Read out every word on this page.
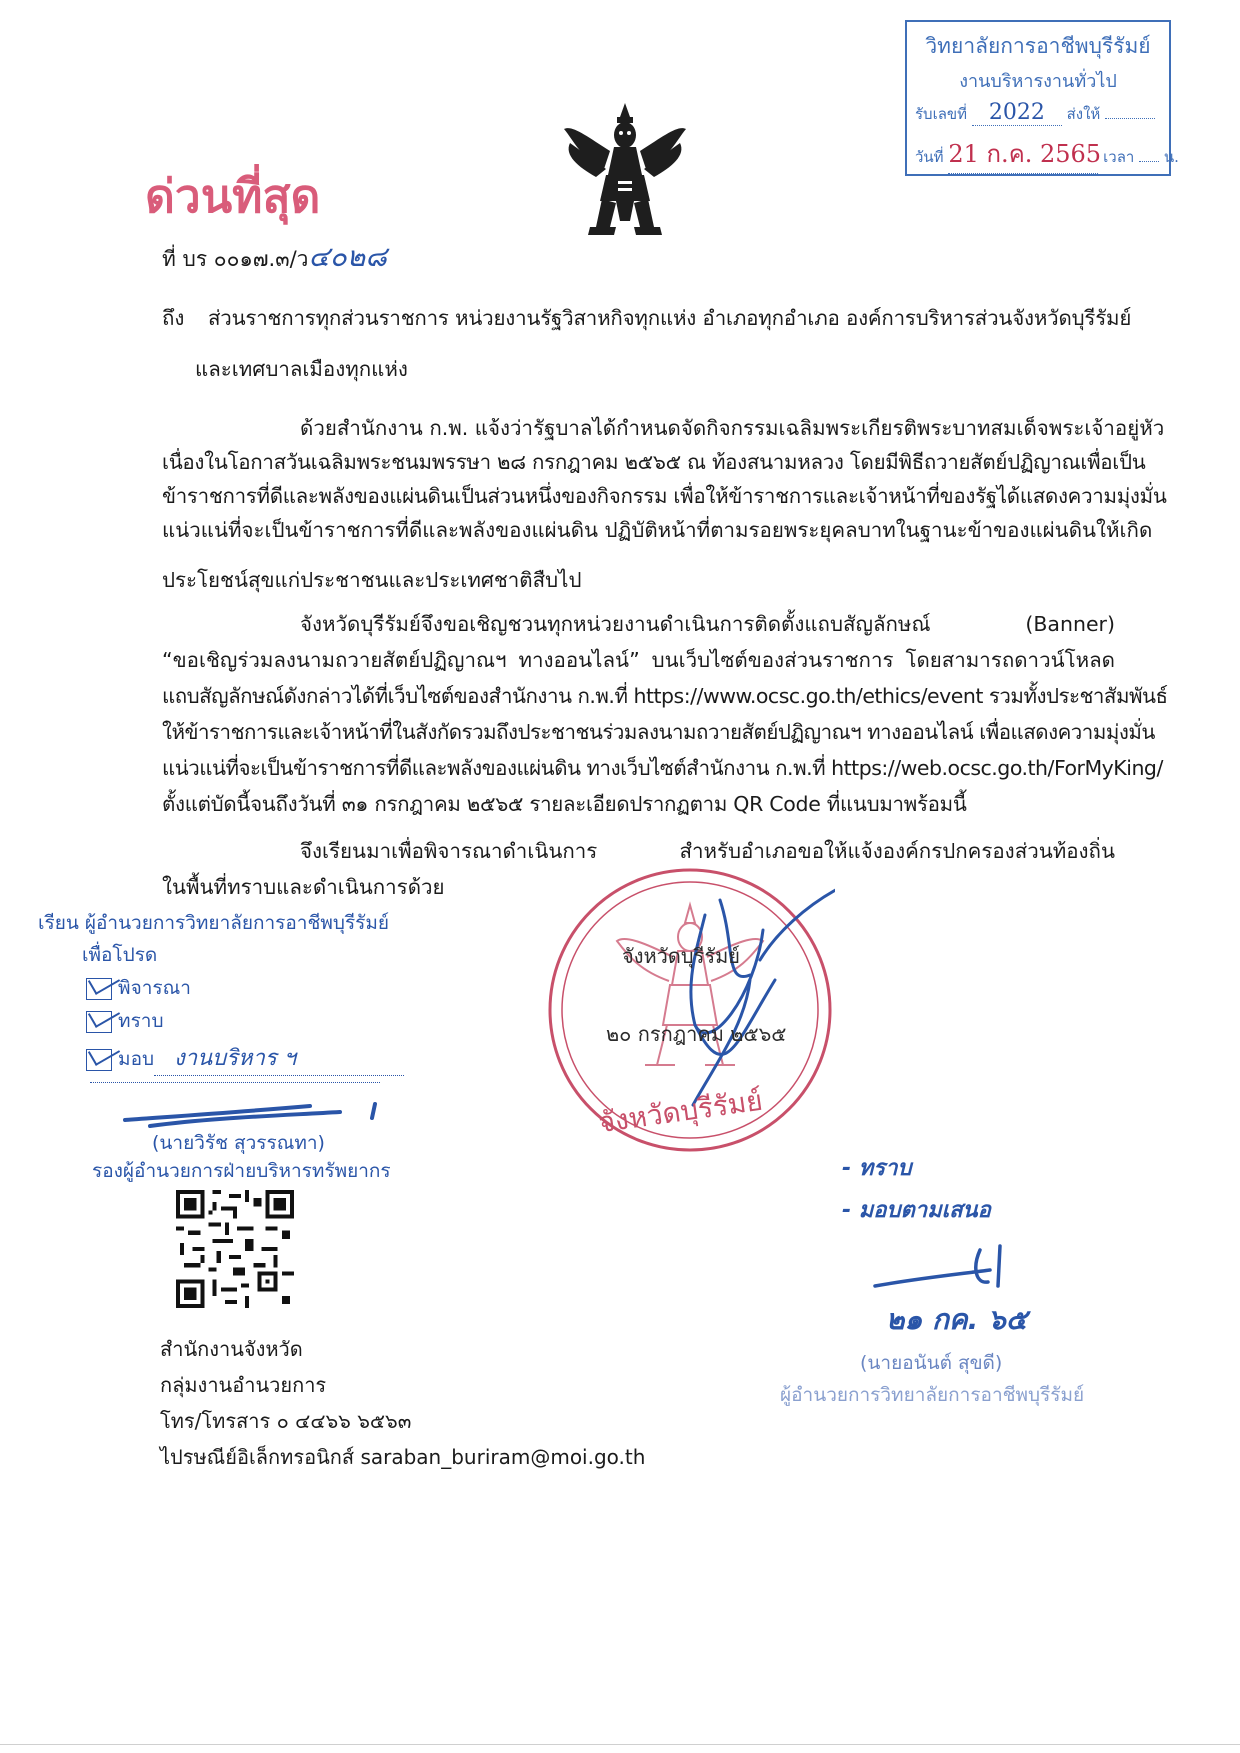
วิทยาลัยการอาชีพบุรีรัมย์
งานบริหารงานทั่วไป
รับเลขที่ 2022 ส่งให้
วันที่ 21 ก.ค. 2565 เวลา น.
ด่วนที่สุด
ที่ บร ๐๐๑๗.๓/ว๔๐๒๘
ถึง ส่วนราชการทุกส่วนราชการ หน่วยงานรัฐวิสาหกิจทุกแห่ง อำเภอทุกอำเภอ องค์การบริหารส่วนจังหวัดบุรีรัมย์
และเทศบาลเมืองทุกแห่ง
ด้วยสำนักงาน ก.พ. แจ้งว่ารัฐบาลได้กำหนดจัดกิจกรรมเฉลิมพระเกียรติพระบาทสมเด็จพระเจ้าอยู่หัว
เนื่องในโอกาสวันเฉลิมพระชนมพรรษา ๒๘ กรกฎาคม ๒๕๖๕ ณ ท้องสนามหลวง โดยมีพิธีถวายสัตย์ปฏิญาณเพื่อเป็น
ข้าราชการที่ดีและพลังของแผ่นดินเป็นส่วนหนึ่งของกิจกรรม เพื่อให้ข้าราชการและเจ้าหน้าที่ของรัฐได้แสดงความมุ่งมั่น
แน่วแน่ที่จะเป็นข้าราชการที่ดีและพลังของแผ่นดิน ปฏิบัติหน้าที่ตามรอยพระยุคลบาทในฐานะข้าของแผ่นดินให้เกิด
ประโยชน์สุขแก่ประชาชนและประเทศชาติสืบไป
จังหวัดบุรีรัมย์จึงขอเชิญชวนทุกหน่วยงานดำเนินการติดตั้งแถบสัญลักษณ์ (Banner)
“ขอเชิญร่วมลงนามถวายสัตย์ปฏิญาณฯ ทางออนไลน์” บนเว็บไซต์ของส่วนราชการ โดยสามารถดาวน์โหลด
แถบสัญลักษณ์ดังกล่าวได้ที่เว็บไซต์ของสำนักงาน ก.พ.ที่ https://www.ocsc.go.th/ethics/event รวมทั้งประชาสัมพันธ์
ให้ข้าราชการและเจ้าหน้าที่ในสังกัดรวมถึงประชาชนร่วมลงนามถวายสัตย์ปฏิญาณฯ ทางออนไลน์ เพื่อแสดงความมุ่งมั่น
แน่วแน่ที่จะเป็นข้าราชการที่ดีและพลังของแผ่นดิน ทางเว็บไซต์สำนักงาน ก.พ.ที่ https://web.ocsc.go.th/ForMyKing/
ตั้งแต่บัดนี้จนถึงวันที่ ๓๑ กรกฎาคม ๒๕๖๕ รายละเอียดปรากฏตาม QR Code ที่แนบมาพร้อมนี้
จึงเรียนมาเพื่อพิจารณาดำเนินการ สำหรับอำเภอขอให้แจ้งองค์กรปกครองส่วนท้องถิ่น
ในพื้นที่ทราบและดำเนินการด้วย
จังหวัดบุรีรัมย์
๒๐ กรกฎาคม ๒๕๖๕
จังหวัดบุรีรัมย์
เรียน ผู้อำนวยการวิทยาลัยการอาชีพบุรีรัมย์
เพื่อโปรด
พิจารณา
ทราบ
มอบ งานบริหาร ฯ
(นายวิรัช สุวรรณทา)
รองผู้อำนวยการฝ่ายบริหารทรัพยากร	- ทราบ
- มอบตามเสนอ
๒๑ กค. ๖๕
(นายอนันต์ สุขดี)
ผู้อำนวยการวิทยาลัยการอาชีพบุรีรัมย์
สำนักงานจังหวัด
กลุ่มงานอำนวยการ
โทร/โทรสาร ๐ ๔๔๖๖ ๖๕๖๓
ไปรษณีย์อิเล็กทรอนิกส์ saraban_buriram@moi.go.th
